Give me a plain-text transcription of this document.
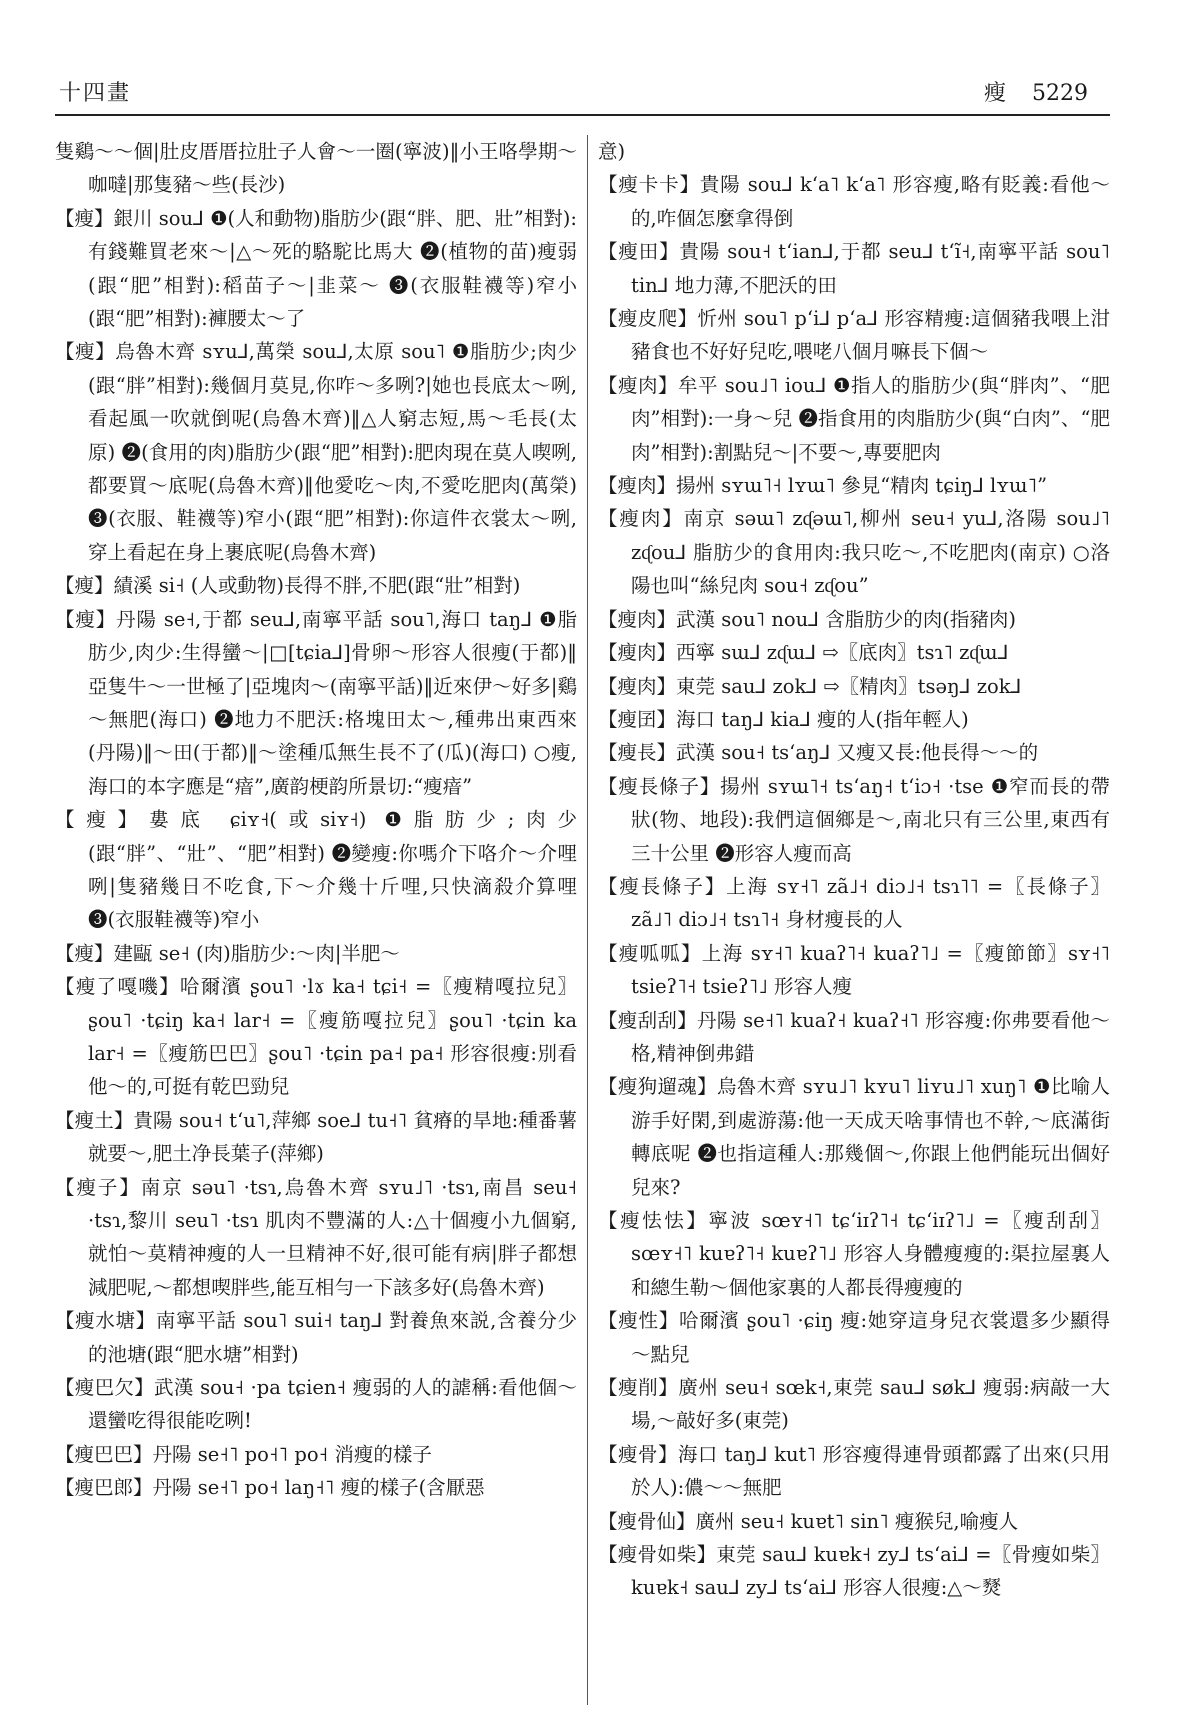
十四畫	瘦 5229

隻鷄～～個|肚皮厝厝拉肚子人會～一圈(寧波)‖小王咯學期～咖噠|那隻豬～些(長沙)

【瘦】銀川 sou⅃ ❶(人和動物)脂肪少(跟“胖、肥、壯”相對):有錢難買老來～|△～死的駱駝比馬大 ❷(植物的苗)瘦弱(跟“肥”相對):稻苗子～|韭菜～ ❸(衣服鞋襪等)窄小(跟“肥”相對):褲腰太～了

【瘦】烏魯木齊 sʏu⅃,萬榮 sou⅃,太原 sou˥ ❶脂肪少;肉少(跟“胖”相對):幾個月莫見,你咋～多咧?|她也長底太～咧,看起風一吹就倒呢(烏魯木齊)‖△人窮志短,馬～毛長(太原) ❷(食用的肉)脂肪少(跟“肥”相對):肥肉現在莫人喫咧,都要買～底呢(烏魯木齊)‖他愛吃～肉,不愛吃肥肉(萬榮) ❸(衣服、鞋襪等)窄小(跟“肥”相對):你這件衣裳太～咧,穿上看起在身上裹底呢(烏魯木齊)

【瘦】績溪 si˧ (人或動物)長得不胖,不肥(跟“壯”相對)

【瘦】丹陽 se˧,于都 seu⅃,南寧平話 sou˥,海口 taŋ⅃ ❶脂肪少,肉少:生得蠻～|□[tɕia⅃]骨卵～形容人很瘦(于都)‖亞隻牛～一世極了|亞塊肉～(南寧平話)‖近來伊～好多|鷄～無肥(海口) ❷地力不肥沃:格塊田太～,種弗出東西來(丹陽)‖～田(于都)‖～塗種瓜無生長不了(瓜)(海口) ○瘦,海口的本字應是“瘖”,廣韵梗韵所景切:“瘦瘖”

【瘦】婁底 ɕiʏ˧(或siʏ˧) ❶脂肪少;肉少(跟“胖”、“壯”、“肥”相對) ❷變瘦:你嗎介下咯介～介哩咧|隻豬幾日不吃食,下～介幾十斤哩,只快滴殺介算哩 ❸(衣服鞋襪等)窄小

【瘦】建甌 se˧ (肉)脂肪少:～肉|半肥～

【瘦了嘎嘰】哈爾濱 ʂou˥ ·lɤ ka˧ tɕi˧ =〖瘦精嘎拉兒〗ʂou˥ ·tɕiŋ ka˧ lar˧ =〖瘦筋嘎拉兒〗ʂou˥ ·tɕin ka lar˧ =〖瘦筋巴巴〗ʂou˥ ·tɕin pa˧ pa˧ 形容很瘦:別看他～的,可挺有乾巴勁兒

【瘦土】貴陽 sou˧ tʻu˥,萍鄉 soe⅃ tu˧˥ 貧瘠的旱地:種番薯就要～,肥土净長葉子(萍鄉)

【瘦子】南京 səu˥ ·tsɿ,烏魯木齊 sʏu˩˥ ·tsɿ,南昌 seu˧ ·tsɿ,黎川 seu˥ ·tsɿ 肌肉不豐滿的人:△十個瘦小九個窮,就怕～莫精神瘦的人一旦精神不好,很可能有病|胖子都想減肥呢,～都想喫胖些,能互相勻一下該多好(烏魯木齊)

【瘦水塘】南寧平話 sou˥ sui˧ taŋ⅃ 對養魚來説,含養分少的池塘(跟“肥水塘”相對)

【瘦巴欠】武漢 sou˧ ·pa tɕien˧ 瘦弱的人的謔稱:看他個～還蠻吃得很能吃咧!

【瘦巴巴】丹陽 se˧˥ po˧˥ po˧ 消瘦的樣子

【瘦巴郎】丹陽 se˧˥ po˧ laŋ˧˥ 瘦的樣子(含厭惡

意)

【瘦卡卡】貴陽 sou⅃ kʻa˥ kʻa˥ 形容瘦,略有貶義:看他～的,咋個怎麼拿得倒

【瘦田】貴陽 sou˧ tʻian⅃,于都 seu⅃ tʻĩ˧,南寧平話 sou˥ tin⅃ 地力薄,不肥沃的田

【瘦皮爬】忻州 sou˥ pʻi⅃ pʻa⅃ 形容精瘦:這個豬我喂上泔豬食也不好好兒吃,喂咾八個月嘛長下個～

【瘦肉】牟平 sou˩˥ iou⅃ ❶指人的脂肪少(與“胖肉”、“肥肉”相對):一身～兒 ❷指食用的肉脂肪少(與“白肉”、“肥肉”相對):割點兒～|不要～,專要肥肉

【瘦肉】揚州 sʏɯ˥˧ lʏɯ˥ 參見“精肉 tɕiŋ⅃ lʏɯ˥”

【瘦肉】南京 səɯ˥ zᶑəɯ˥,柳州 seu˧ yu⅃,洛陽 sou˩˥ zᶑou⅃ 脂肪少的食用肉:我只吃～,不吃肥肉(南京) ○洛陽也叫“絲兒肉 sou˧ zᶑou”

【瘦肉】武漢 sou˥ nou⅃ 含脂肪少的肉(指豬肉)

【瘦肉】西寧 sɯ⅃ zᶑɯ⅃ ⇨〖底肉〗tsɿ˥ zᶑɯ⅃

【瘦肉】東莞 sau⅃ zok⅃ ⇨〖精肉〗tsəŋ⅃ zok⅃

【瘦囝】海口 taŋ⅃ kia⅃ 瘦的人(指年輕人)

【瘦長】武漢 sou˧ tsʻaŋ⅃ 又瘦又長:他長得～～的

【瘦長條子】揚州 sʏɯ˥˧ tsʻaŋ˧ tʻiɔ˧ ·tse ❶窄而長的帶狀(物、地段):我們這個鄉是～,南北只有三公里,東西有三十公里 ❷形容人瘦而高

【瘦長條子】上海 sʏ˧˥ zã˩˧ diɔ˩˧ tsɿ˥˥ =〖長條子〗zã˩˥ diɔ˩˧ tsɿ˥˧ 身材瘦長的人

【瘦呱呱】上海 sʏ˧˥ kuaʔ˥˧ kuaʔ˥˩ =〖瘦節節〗sʏ˧˥ tsieʔ˥˧ tsieʔ˥˩ 形容人瘦

【瘦刮刮】丹陽 se˧˥ kuaʔ˧ kuaʔ˧˥ 形容瘦:你弗要看他～格,精神倒弗錯

【瘦狗遛魂】烏魯木齊 sʏu˩˥ kʏu˥ liʏu˩˥ xuŋ˥ ❶比喻人游手好閑,到處游蕩:他一天成天啥事情也不幹,～底滿街轉底呢 ❷也指這種人:那幾個～,你跟上他們能玩出個好兒來?

【瘦怯怯】寧波 sœʏ˧˥ tɕʻiɪʔ˥˧ tɕʻiɪʔ˥˩ =〖瘦刮刮〗sœʏ˧˥ kuɐʔ˥˧ kuɐʔ˥˩ 形容人身體瘦瘦的:渠拉屋裏人和總生勒～個他家裏的人都長得瘦瘦的

【瘦性】哈爾濱 ʂou˥ ·ɕiŋ 瘦:她穿這身兒衣裳還多少顯得～點兒

【瘦削】廣州 seu˧ sœk˧,東莞 sau⅃ søk⅃ 瘦弱:病敲一大場,～敲好多(東莞)

【瘦骨】海口 taŋ⅃ kut˥ 形容瘦得連骨頭都露了出來(只用於人):儂～～無肥

【瘦骨仙】廣州 seu˧ kuɐt˥ sin˥ 瘦猴兒,喻瘦人

【瘦骨如柴】東莞 sau⅃ kuɐk˧ zy⅃ tsʻai⅃ =〖骨瘦如柴〗kuɐk˧ sau⅃ zy⅃ tsʻai⅃ 形容人很瘦:△～燹
